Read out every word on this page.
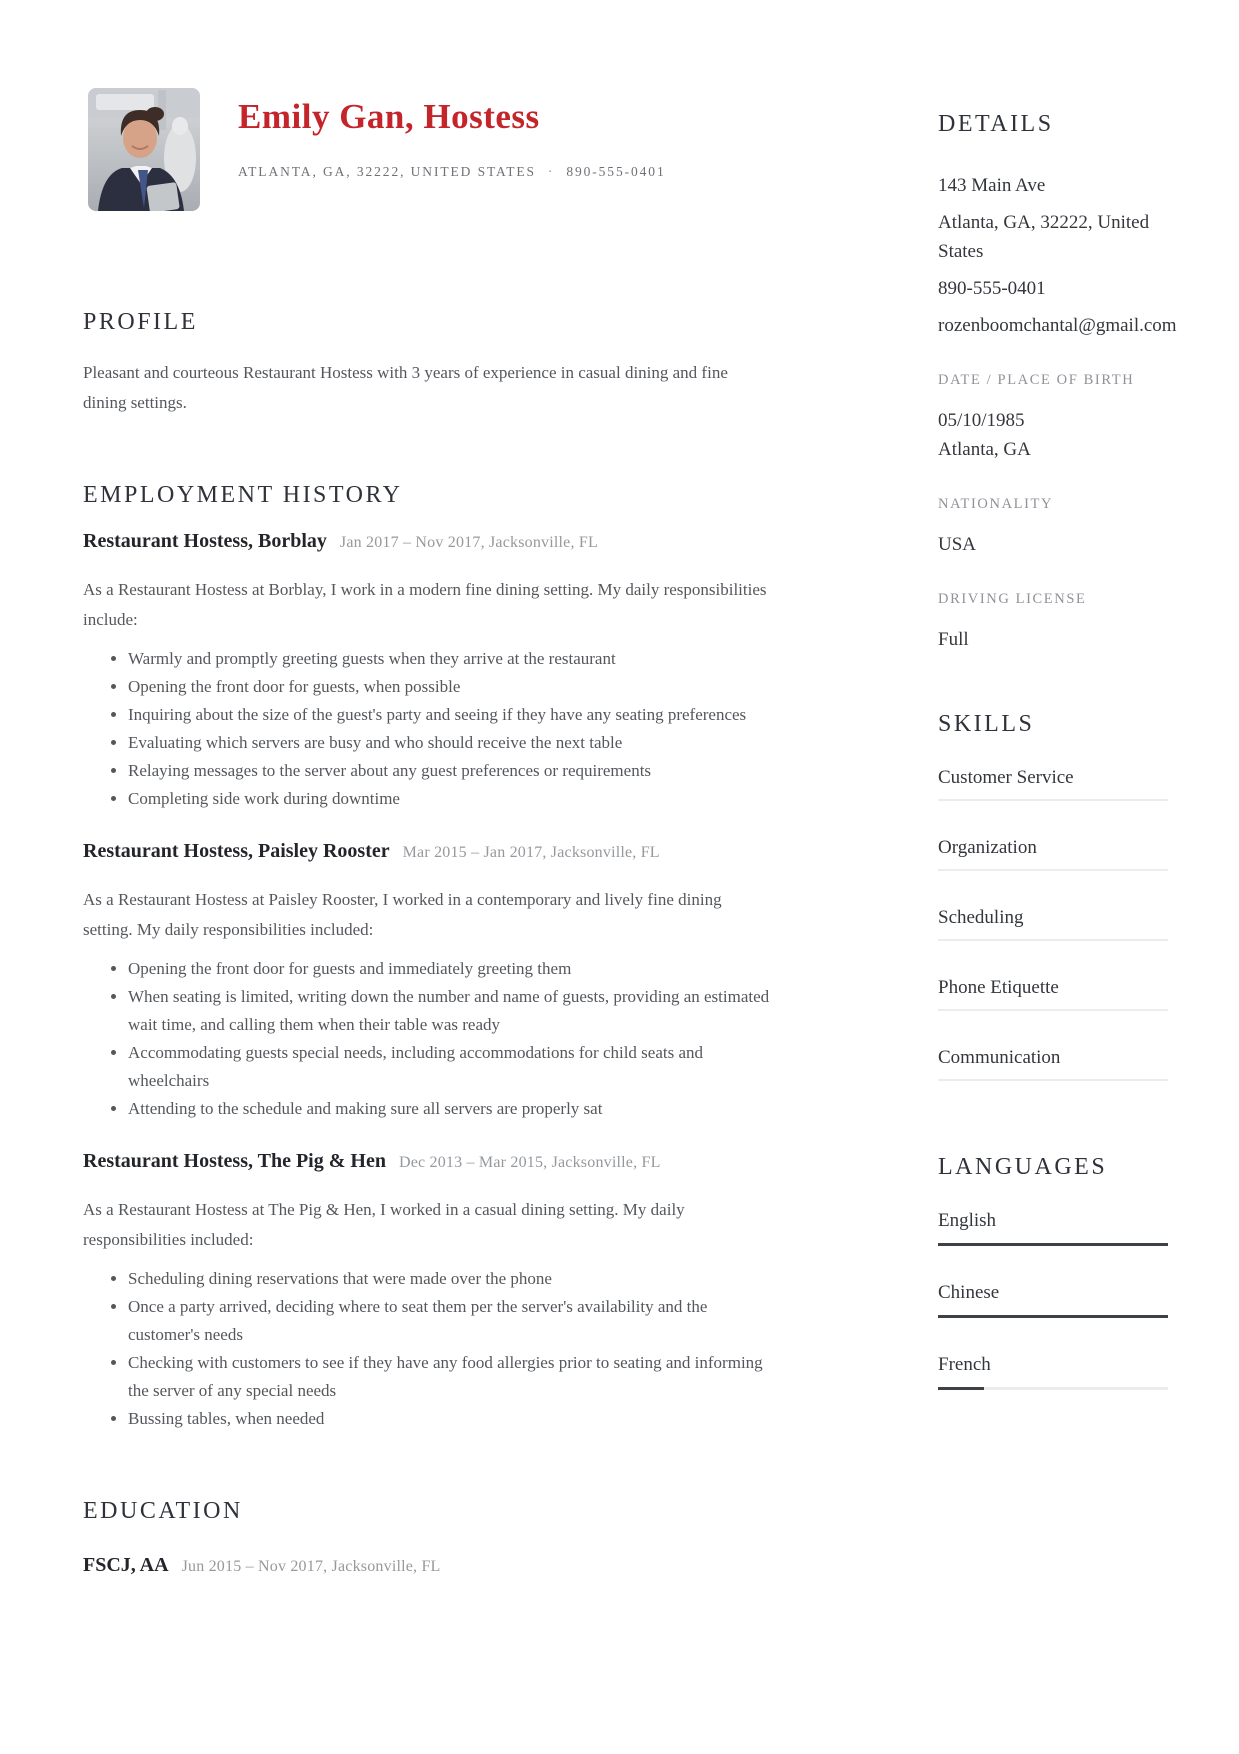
Emily Gan, Hostess
ATLANTA, GA, 32222, UNITED STATES · 890-555-0401
PROFILE

Pleasant and courteous Restaurant Hostess with 3 years of experience in casual dining and fine dining settings.

EMPLOYMENT HISTORY
Restaurant Hostess, Borblay Jan 2017 – Nov 2017, Jacksonville, FL

As a Restaurant Hostess at Borblay, I work in a modern fine dining setting. My daily responsibilities include:

• Warmly and promptly greeting guests when they arrive at the restaurant
• Opening the front door for guests, when possible
• Inquiring about the size of the guest's party and seeing if they have any seating preferences
• Evaluating which servers are busy and who should receive the next table
• Relaying messages to the server about any guest preferences or requirements
• Completing side work during downtime
Restaurant Hostess, Paisley Rooster Mar 2015 – Jan 2017, Jacksonville, FL

As a Restaurant Hostess at Paisley Rooster, I worked in a contemporary and lively fine dining setting. My daily responsibilities included:

• Opening the front door for guests and immediately greeting them
• When seating is limited, writing down the number and name of guests, providing an estimated wait time, and calling them when their table was ready
• Accommodating guests special needs, including accommodations for child seats and wheelchairs
• Attending to the schedule and making sure all servers are properly sat
Restaurant Hostess, The Pig & Hen Dec 2013 – Mar 2015, Jacksonville, FL

As a Restaurant Hostess at The Pig & Hen, I worked in a casual dining setting. My daily responsibilities included:

• Scheduling dining reservations that were made over the phone
• Once a party arrived, deciding where to seat them per the server's availability and the customer's needs
• Checking with customers to see if they have any food allergies prior to seating and informing the server of any special needs
• Bussing tables, when needed
EDUCATION
FSCJ, AA Jun 2015 – Nov 2017, Jacksonville, FL
DETAILS
143 Main Ave
Atlanta, GA, 32222, United States
890-555-0401
rozenboomchantal@gmail.com
DATE / PLACE OF BIRTH
05/10/1985
Atlanta, GA
NATIONALITY
USA
DRIVING LICENSE
Full
SKILLS
Customer Service
Organization
Scheduling
Phone Etiquette
Communication
LANGUAGES
English
Chinese
French
